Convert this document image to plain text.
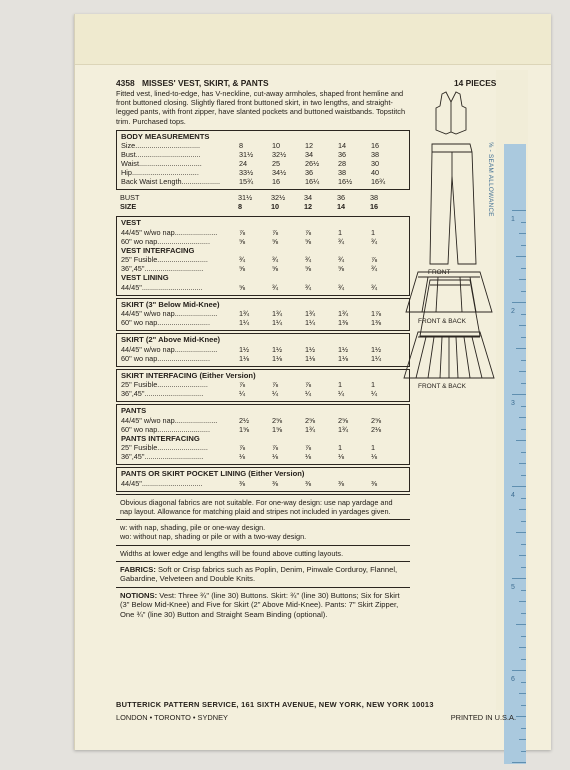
4358 MISSES' VEST, SKIRT, & PANTS	14 PIECES
Fitted vest, lined-to-edge, has V-neckline, cut-away armholes, shaped front hemline and front buttoned closing. Slightly flared front buttoned skirt, in two lengths, and straight-legged pants, with front zipper, have slanted pockets and buttoned waistbands. Topstitch trim. Purchased tops.
BODY MEASUREMENTS
Size................................	8	10	12	14	16
Bust................................	31½	32½	34	36	38
Waist...............................	24	25	26½	28	30
Hip.................................	33½	34½	36	38	40
Back Waist Length...................	15¾	16	16¼	16½	16¾
BUST	31½	32½	34	36	38
SIZE	8	10	12	14	16
VEST
44/45" w/wo nap.....................	⅞	⅞	⅞	1	1
60" wo nap..........................	⅝	⅝	⅝	¾	¾
VEST INTERFACING
25" Fusible.........................	¾	¾	¾	¾	⅞
36",45".............................	⅝	⅝	⅝	⅝	¾
VEST LINING
44/45"..............................	⅝	¾	¾	¾	¾
SKIRT (3" Below Mid-Knee)
44/45" w/wo nap.....................	1¾	1¾	1¾	1¾	1⅞
60" wo nap..........................	1¼	1¼	1¼	1⅜	1⅜
SKIRT (2" Above Mid-Knee)
44/45" w/wo nap.....................	1½	1½	1½	1½	1½
60" wo nap..........................	1⅛	1⅛	1⅛	1⅛	1¼
SKIRT INTERFACING (Either Version)
25" Fusible.........................	⅞	⅞	⅞	1	1
36",45".............................	¼	¼	¼	¼	¼
PANTS
44/45" w/wo nap.....................	2½	2⅝	2⅝	2⅝	2⅝
60" wo nap..........................	1⅝	1⅝	1¾	1¾	2⅛
PANTS INTERFACING
25" Fusible.........................	⅞	⅞	⅞	1	1
36",45".............................	⅛	⅛	⅛	⅛	⅛
PANTS OR SKIRT POCKET LINING (Either Version)
44/45"..............................	⅜	⅜	⅜	⅜	⅜
Obvious diagonal fabrics are not suitable. For one-way design: use nap yardage and nap layout. Allowance for matching plaid and stripes not included in yardages given.
w: with nap, shading, pile or one-way design.
wo: without nap, shading or pile or with a two-way design.
Widths at lower edge and lengths will be found above cutting layouts.
FABRICS: Soft or Crisp fabrics such as Poplin, Denim, Pinwale Corduroy, Flannel, Gabardine, Velveteen and Double Knits.
NOTIONS: Vest: Three ¾" (line 30) Buttons. Skirt: ¾" (line 30) Buttons; Six for Skirt (3" Below Mid-Knee) and Five for Skirt (2" Above Mid-Knee). Pants: 7" Skirt Zipper, One ¾" (line 30) Button and Straight Seam Binding (optional).
FRONT
FRONT & BACK
FRONT & BACK
⅝ - SEAM ALLOWANCE
1
2
3
4
5
6
BUTTERICK PATTERN SERVICE, 161 SIXTH AVENUE, NEW YORK, NEW YORK 10013
LONDON • TORONTO • SYDNEY	PRINTED IN U.S.A.
